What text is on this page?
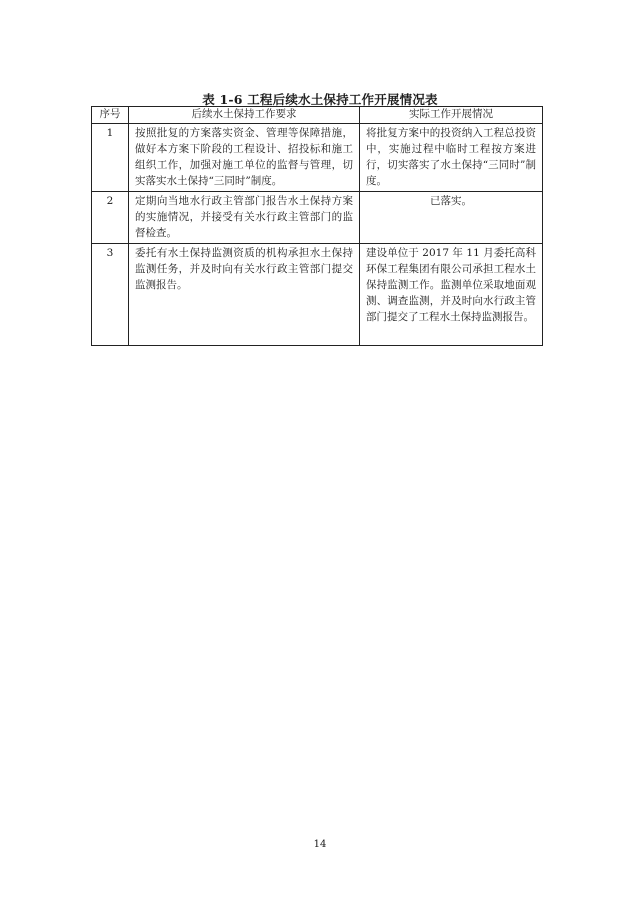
表 1-6 工程后续水土保持工作开展情况表
序号	后续水土保持工作要求	实际工作开展情况
1	按照批复的方案落实资金、管理等保障措施，做好本方案下阶段的工程设计、招投标和施工组织工作，加强对施工单位的监督与管理，切实落实水土保持“三同时”制度。	将批复方案中的投资纳入工程总投资中，实施过程中临时工程按方案进行，切实落实了水土保持“三同时”制度。
2	定期向当地水行政主管部门报告水土保持方案的实施情况，并接受有关水行政主管部门的监督检查。	已落实。
3	委托有水土保持监测资质的机构承担水土保持监测任务，并及时向有关水行政主管部门提交监测报告。	建设单位于 2017 年 11 月委托高科环保工程集团有限公司承担工程水土保持监测工作。监测单位采取地面观测、调查监测，并及时向水行政主管部门提交了工程水土保持监测报告。
14
